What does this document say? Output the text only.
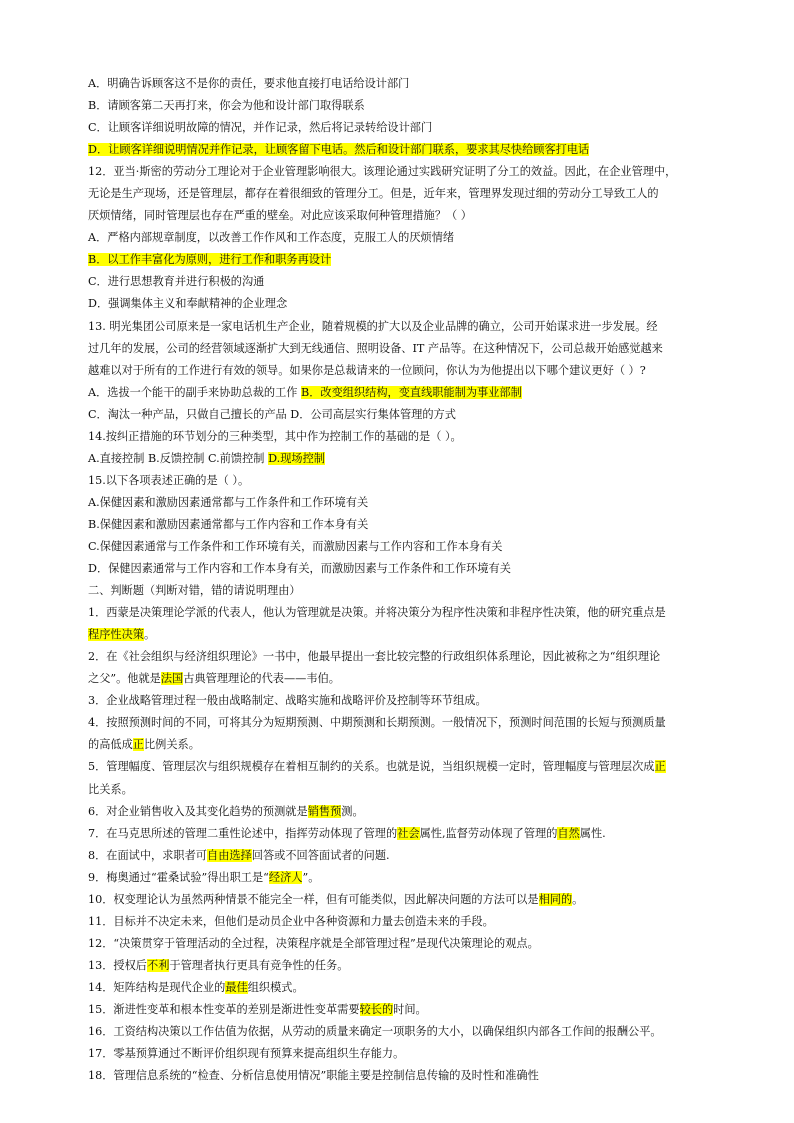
A．明确告诉顾客这不是你的责任，要求他直接打电话给设计部门
B．请顾客第二天再打来，你会为他和设计部门取得联系
C．让顾客详细说明故障的情况，并作记录，然后将记录转给设计部门
D．让顾客详细说明情况并作记录，让顾客留下电话。然后和设计部门联系，要求其尽快给顾客打电话
12．亚当·斯密的劳动分工理论对于企业管理影响很大。该理论通过实践研究证明了分工的效益。因此，在企业管理中，
无论是生产现场，还是管理层，都存在着很细致的管理分工。但是，近年来，管理界发现过细的劳动分工导致工人的
厌烦情绪，同时管理层也存在严重的壁垒。对此应该采取何种管理措施？（ ）
A．严格内部规章制度，以改善工作作风和工作态度，克服工人的厌烦情绪
B．以工作丰富化为原则，进行工作和职务再设计
C．进行思想教育并进行积极的沟通
D．强调集体主义和奉献精神的企业理念
13. 明光集团公司原来是一家电话机生产企业，随着规模的扩大以及企业品牌的确立，公司开始谋求进一步发展。经
过几年的发展，公司的经营领域逐渐扩大到无线通信、照明设备、IT 产品等。在这种情况下，公司总裁开始感觉越来
越难以对于所有的工作进行有效的领导。如果你是总裁请来的一位顾问，你认为为他提出以下哪个建议更好（ ）?
A．选拔一个能干的副手来协助总裁的工作 B．改变组织结构，变直线职能制为事业部制
C．淘汰一种产品，只做自己擅长的产品 D．公司高层实行集体管理的方式
14.按纠正措施的环节划分的三种类型，其中作为控制工作的基础的是（ ）。
A.直接控制 B.反馈控制 C.前馈控制 D.现场控制
15.以下各项表述正确的是（ ）。
A.保健因素和激励因素通常都与工作条件和工作环境有关
B.保健因素和激励因素通常都与工作内容和工作本身有关
C.保健因素通常与工作条件和工作环境有关，而激励因素与工作内容和工作本身有关
D．保健因素通常与工作内容和工作本身有关，而激励因素与工作条件和工作环境有关
二、判断题（判断对错，错的请说明理由）
1．西蒙是决策理论学派的代表人，他认为管理就是决策。并将决策分为程序性决策和非程序性决策，他的研究重点是
程序性决策。
2．在《社会组织与经济组织理论》一书中，他最早提出一套比较完整的行政组织体系理论，因此被称之为“组织理论
之父”。他就是法国古典管理理论的代表——韦伯。
3．企业战略管理过程一般由战略制定、战略实施和战略评价及控制等环节组成。
4．按照预测时间的不同，可将其分为短期预测、中期预测和长期预测。一般情况下，预测时间范围的长短与预测质量
的高低成正比例关系。
5．管理幅度、管理层次与组织规模存在着相互制约的关系。也就是说，当组织规模一定时，管理幅度与管理层次成正
比关系。
6．对企业销售收入及其变化趋势的预测就是销售预测。
7．在马克思所述的管理二重性论述中，指挥劳动体现了管理的社会属性,监督劳动体现了管理的自然属性.
8．在面试中，求职者可自由选择回答或不回答面试者的问题.
9．梅奥通过“霍桑试验”得出职工是“经济人”。
10．权变理论认为虽然两种情景不能完全一样，但有可能类似，因此解决问题的方法可以是相同的。
11．目标并不决定未来，但他们是动员企业中各种资源和力量去创造未来的手段。
12．“决策贯穿于管理活动的全过程，决策程序就是全部管理过程”是现代决策理论的观点。
13．授权后不利于管理者执行更具有竞争性的任务。
14．矩阵结构是现代企业的最佳组织模式。
15．渐进性变革和根本性变革的差别是渐进性变革需要较长的时间。
16．工资结构决策以工作估值为依据，从劳动的质量来确定一项职务的大小，以确保组织内部各工作间的报酬公平。
17．零基预算通过不断评价组织现有预算来提高组织生存能力。
18．管理信息系统的“检查、分析信息使用情况”职能主要是控制信息传输的及时性和准确性
